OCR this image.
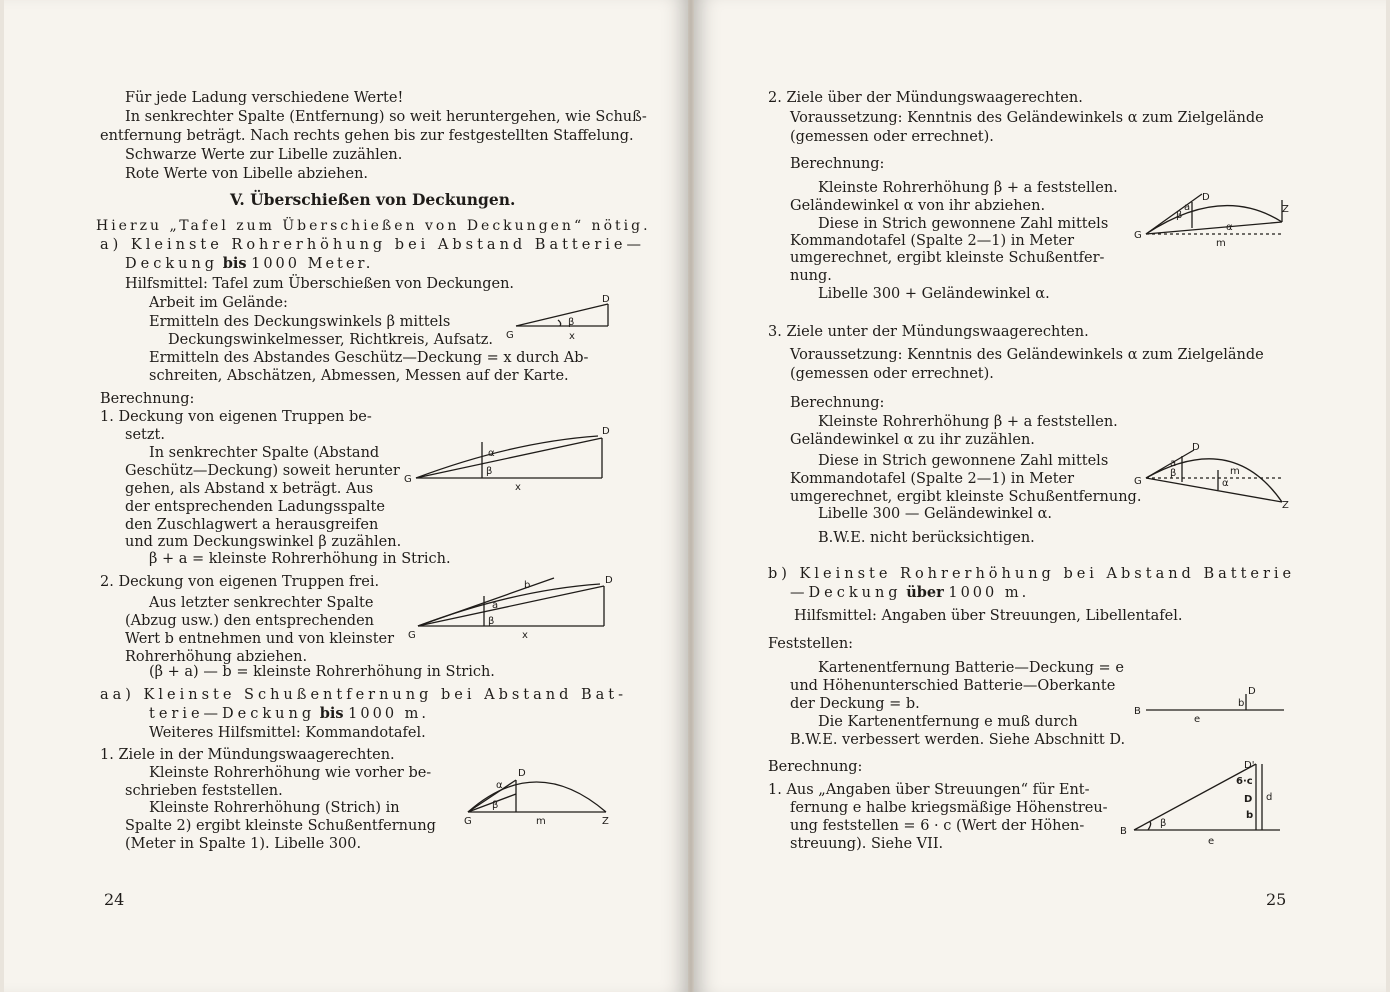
Für jede Ladung verschiedene Werte!

In senkrechter Spalte (Entfernung) so weit heruntergehen, wie Schuß-

entfernung beträgt. Nach rechts gehen bis zur festgestellten Staffelung.

Schwarze Werte zur Libelle zuzählen.

Rote Werte von Libelle abziehen.

V. Überschießen von Deckungen.

Hierzu „Tafel zum Überschießen von Deckungen“ nötig.

a) Kleinste Rohrerhöhung bei Abstand Batterie—

Deckung bis 1000 Meter.

Hilfsmittel: Tafel zum Überschießen von Deckungen.

Arbeit im Gelände:

Ermitteln des Deckungswinkels β mittels

Deckungswinkelmesser, Richtkreis, Aufsatz.

Ermitteln des Abstandes Geschütz—Deckung = x durch Ab-

schreiten, Abschätzen, Abmessen, Messen auf der Karte.

G
D
β
x

Berechnung:

1. Deckung von eigenen Truppen be-

setzt.

In senkrechter Spalte (Abstand

Geschütz—Deckung) soweit herunter

gehen, als Abstand x beträgt. Aus

der entsprechenden Ladungsspalte

den Zuschlagwert a herausgreifen

und zum Deckungswinkel β zuzählen.

β + a = kleinste Rohrerhöhung in Strich.

G
D
α
β
x

2. Deckung von eigenen Truppen frei.

Aus letzter senkrechter Spalte

(Abzug usw.) den entsprechenden

Wert b entnehmen und von kleinster

Rohrerhöhung abziehen.

(β + a) — b = kleinste Rohrerhöhung in Strich.

G
D
b
a
β
x

aa) Kleinste Schußentfernung bei Abstand Bat-

terie—Deckung bis 1000 m.

Weiteres Hilfsmittel: Kommandotafel.

1. Ziele in der Mündungswaagerechten.

Kleinste Rohrerhöhung wie vorher be-

schrieben feststellen.

Kleinste Rohrerhöhung (Strich) in

Spalte 2) ergibt kleinste Schußentfernung

(Meter in Spalte 1). Libelle 300.

G
D
α
β
m	Z

24

2. Ziele über der Mündungswaagerechten.

Voraussetzung: Kenntnis des Geländewinkels α zum Zielgelände

(gemessen oder errechnet).

Berechnung:

Kleinste Rohrerhöhung β + a feststellen.

Geländewinkel α von ihr abziehen.

Diese in Strich gewonnene Zahl mittels

Kommandotafel (Spalte 2—1) in Meter

umgerechnet, ergibt kleinste Schußentfer-

nung.

Libelle 300 + Geländewinkel α.

G
D
Z
β
a
α
m

3. Ziele unter der Mündungswaagerechten.

Voraussetzung: Kenntnis des Geländewinkels α zum Zielgelände

(gemessen oder errechnet).

Berechnung:

Kleinste Rohrerhöhung β + a feststellen.

Geländewinkel α zu ihr zuzählen.

Diese in Strich gewonnene Zahl mittels

Kommandotafel (Spalte 2—1) in Meter

umgerechnet, ergibt kleinste Schußentfernung.

Libelle 300 — Geländewinkel α.

B.W.E. nicht berücksichtigen.

G
D
Z
a
β
α
m

b) Kleinste Rohrerhöhung bei Abstand Batterie

—Deckung über 1000 m.

Hilfsmittel: Angaben über Streuungen, Libellentafel.

Feststellen:

Kartenentfernung Batterie—Deckung = e

und Höhenunterschied Batterie—Oberkante

der Deckung = b.

Die Kartenentfernung e muß durch

B.W.E. verbessert werden. Siehe Abschnitt D.

B
b
D
e

Berechnung:

1. Aus „Angaben über Streuungen“ für Ent-

fernung e halbe kriegsmäßige Höhenstreu-

ung feststellen = 6 · c (Wert der Höhen-

streuung). Siehe VII.

B
β
e
D'
6·c
D
b
d

25
